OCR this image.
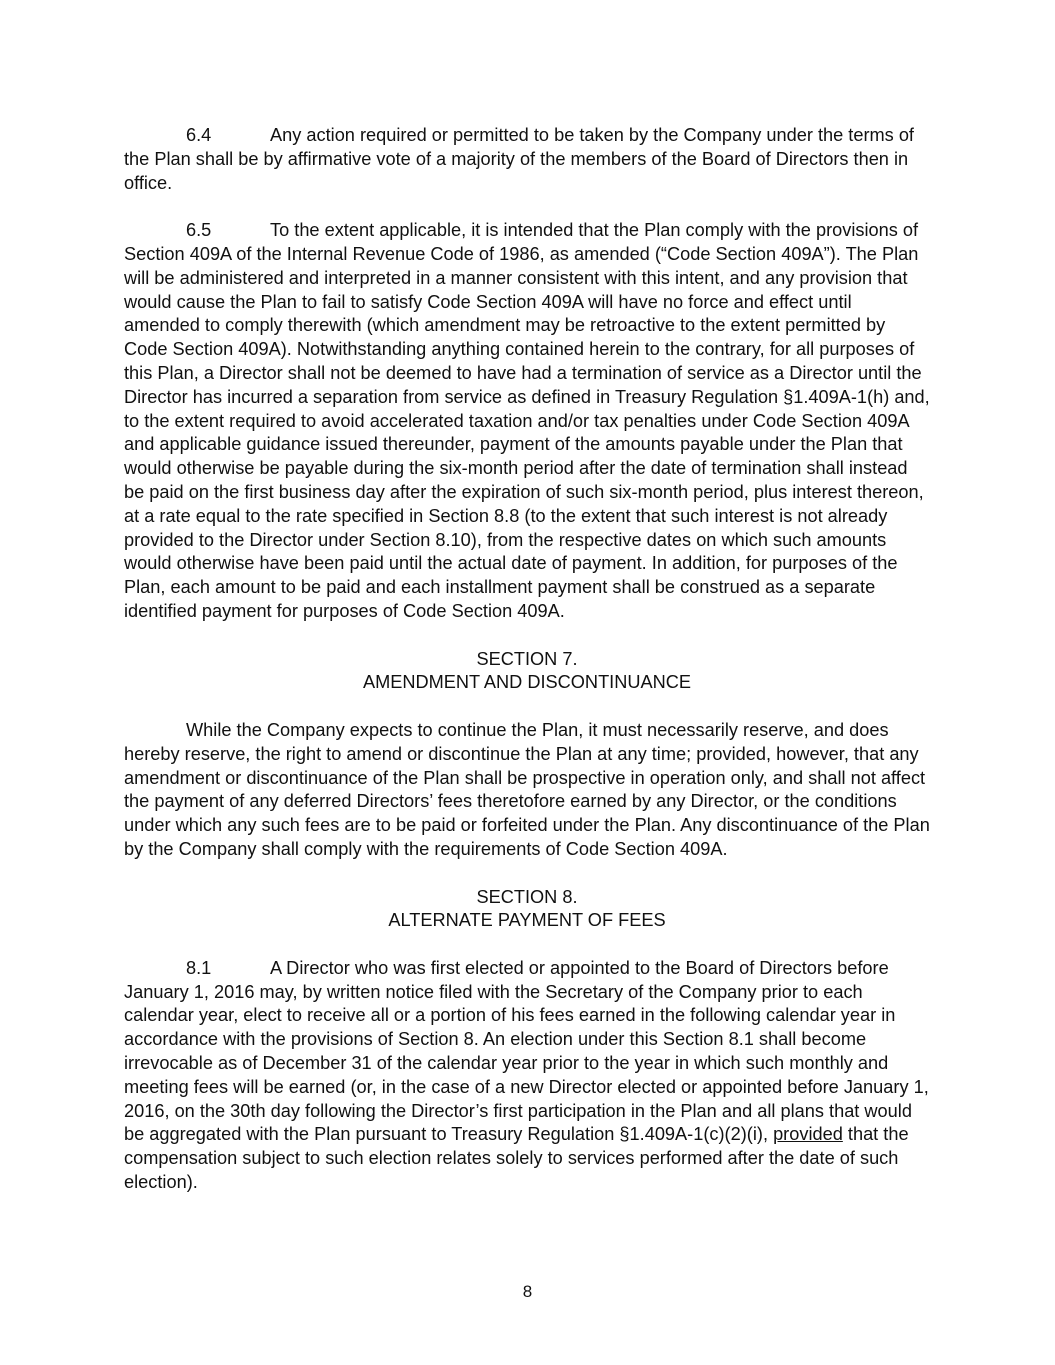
6.4	Any action required or permitted to be taken by the Company under the terms of the Plan shall be by affirmative vote of a majority of the members of the Board of Directors then in office.

6.5	To the extent applicable, it is intended that the Plan comply with the provisions of Section 409A of the Internal Revenue Code of 1986, as amended (“Code Section 409A”). The Plan will be administered and interpreted in a manner consistent with this intent, and any provision that would cause the Plan to fail to satisfy Code Section 409A will have no force and effect until amended to comply therewith (which amendment may be retroactive to the extent permitted by Code Section 409A). Notwithstanding anything contained herein to the contrary, for all purposes of this Plan, a Director shall not be deemed to have had a termination of service as a Director until the Director has incurred a separation from service as defined in Treasury Regulation §1.409A-1(h) and, to the extent required to avoid accelerated taxation and/or tax penalties under Code Section 409A and applicable guidance issued thereunder, payment of the amounts payable under the Plan that would otherwise be payable during the six-month period after the date of termination shall instead be paid on the first business day after the expiration of such six-month period, plus interest thereon, at a rate equal to the rate specified in Section 8.8 (to the extent that such interest is not already provided to the Director under Section 8.10), from the respective dates on which such amounts would otherwise have been paid until the actual date of payment. In addition, for purposes of the Plan, each amount to be paid and each installment payment shall be construed as a separate identified payment for purposes of Code Section 409A.

SECTION 7.
AMENDMENT AND DISCONTINUANCE

While the Company expects to continue the Plan, it must necessarily reserve, and does hereby reserve, the right to amend or discontinue the Plan at any time; provided, however, that any amendment or discontinuance of the Plan shall be prospective in operation only, and shall not affect the payment of any deferred Directors’ fees theretofore earned by any Director, or the conditions under which any such fees are to be paid or forfeited under the Plan. Any discontinuance of the Plan by the Company shall comply with the requirements of Code Section 409A.

SECTION 8.
ALTERNATE PAYMENT OF FEES

8.1	A Director who was first elected or appointed to the Board of Directors before January 1, 2016 may, by written notice filed with the Secretary of the Company prior to each calendar year, elect to receive all or a portion of his fees earned in the following calendar year in accordance with the provisions of Section 8. An election under this Section 8.1 shall become irrevocable as of December 31 of the calendar year prior to the year in which such monthly and meeting fees will be earned (or, in the case of a new Director elected or appointed before January 1, 2016, on the 30th day following the Director’s first participation in the Plan and all plans that would be aggregated with the Plan pursuant to Treasury Regulation §1.409A-1(c)(2)(i), provided that the compensation subject to such election relates solely to services performed after the date of such election).

8
